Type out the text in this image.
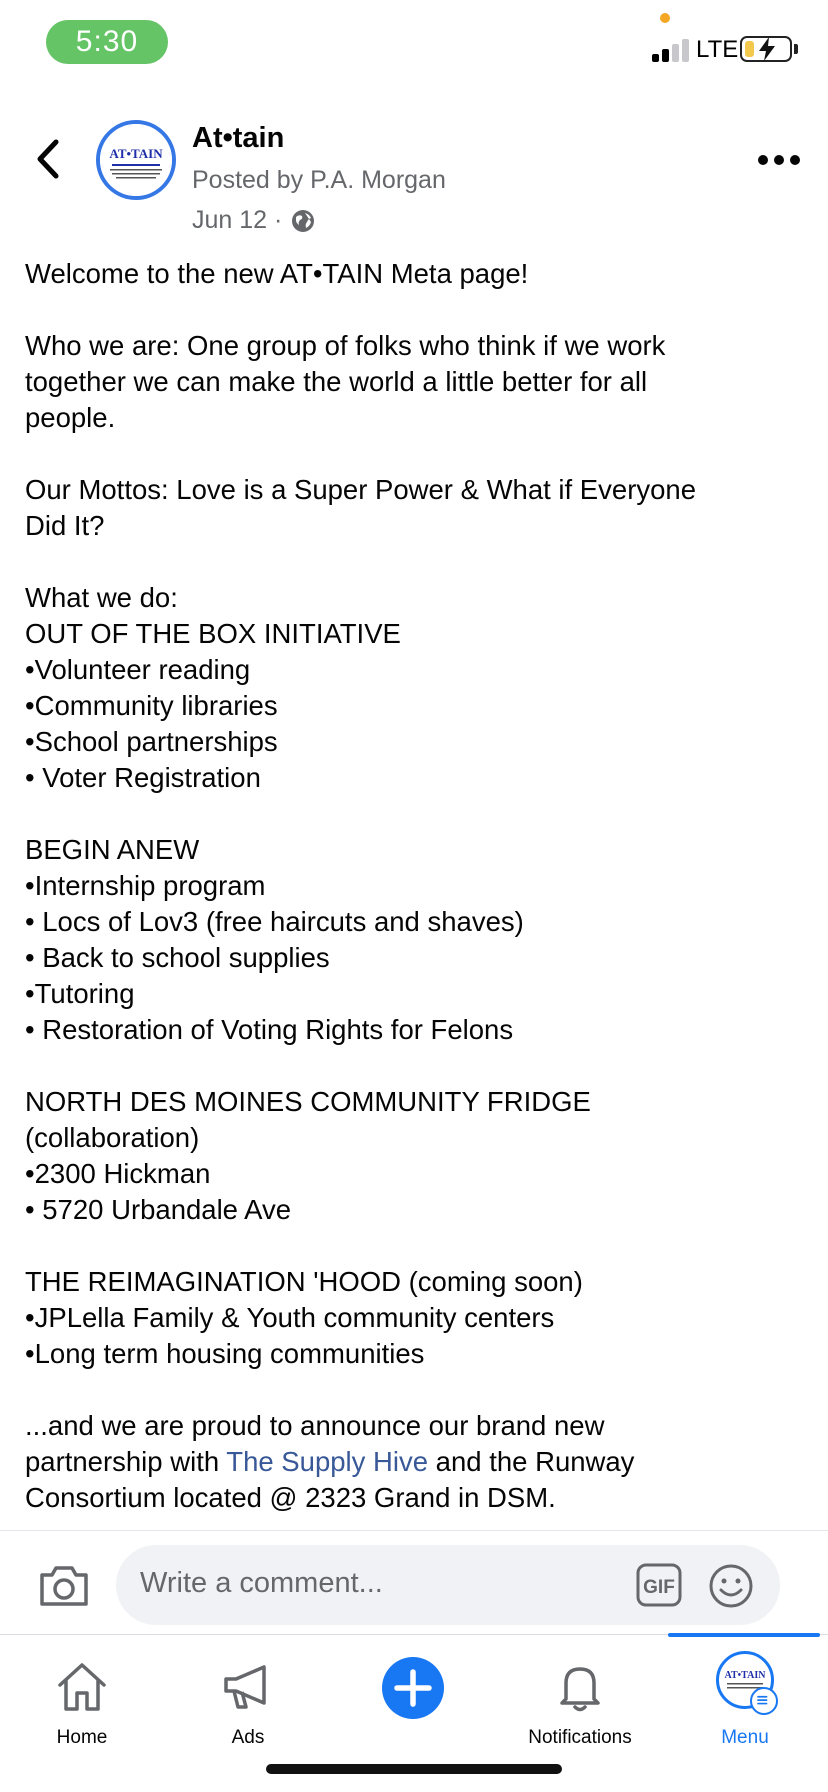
5:30	LTE
AT•TAIN At•tain
Posted by P.A. Morgan
Jun 12 ·
Welcome to the new AT•TAIN Meta page!
Who we are: One group of folks who think if we work
together we can make the world a little better for all
people.
Our Mottos: Love is a Super Power & What if Everyone
Did It?
What we do:
OUT OF THE BOX INITIATIVE
•Volunteer reading
•Community libraries
•School partnerships
• Voter Registration
BEGIN ANEW
•Internship program
• Locs of Lov3 (free haircuts and shaves)
• Back to school supplies
•Tutoring
• Restoration of Voting Rights for Felons
NORTH DES MOINES COMMUNITY FRIDGE
(collaboration)
•2300 Hickman
• 5720 Urbandale Ave
THE REIMAGINATION 'HOOD (coming soon)
•JPLella Family & Youth community centers
•Long term housing communities
...and we are proud to announce our brand new
partnership with The Supply Hive and the Runway
Consortium located @ 2323 Grand in DSM.
Write a comment...	GIF
Home	Ads	Notifications	Menu
AT•TAIN
